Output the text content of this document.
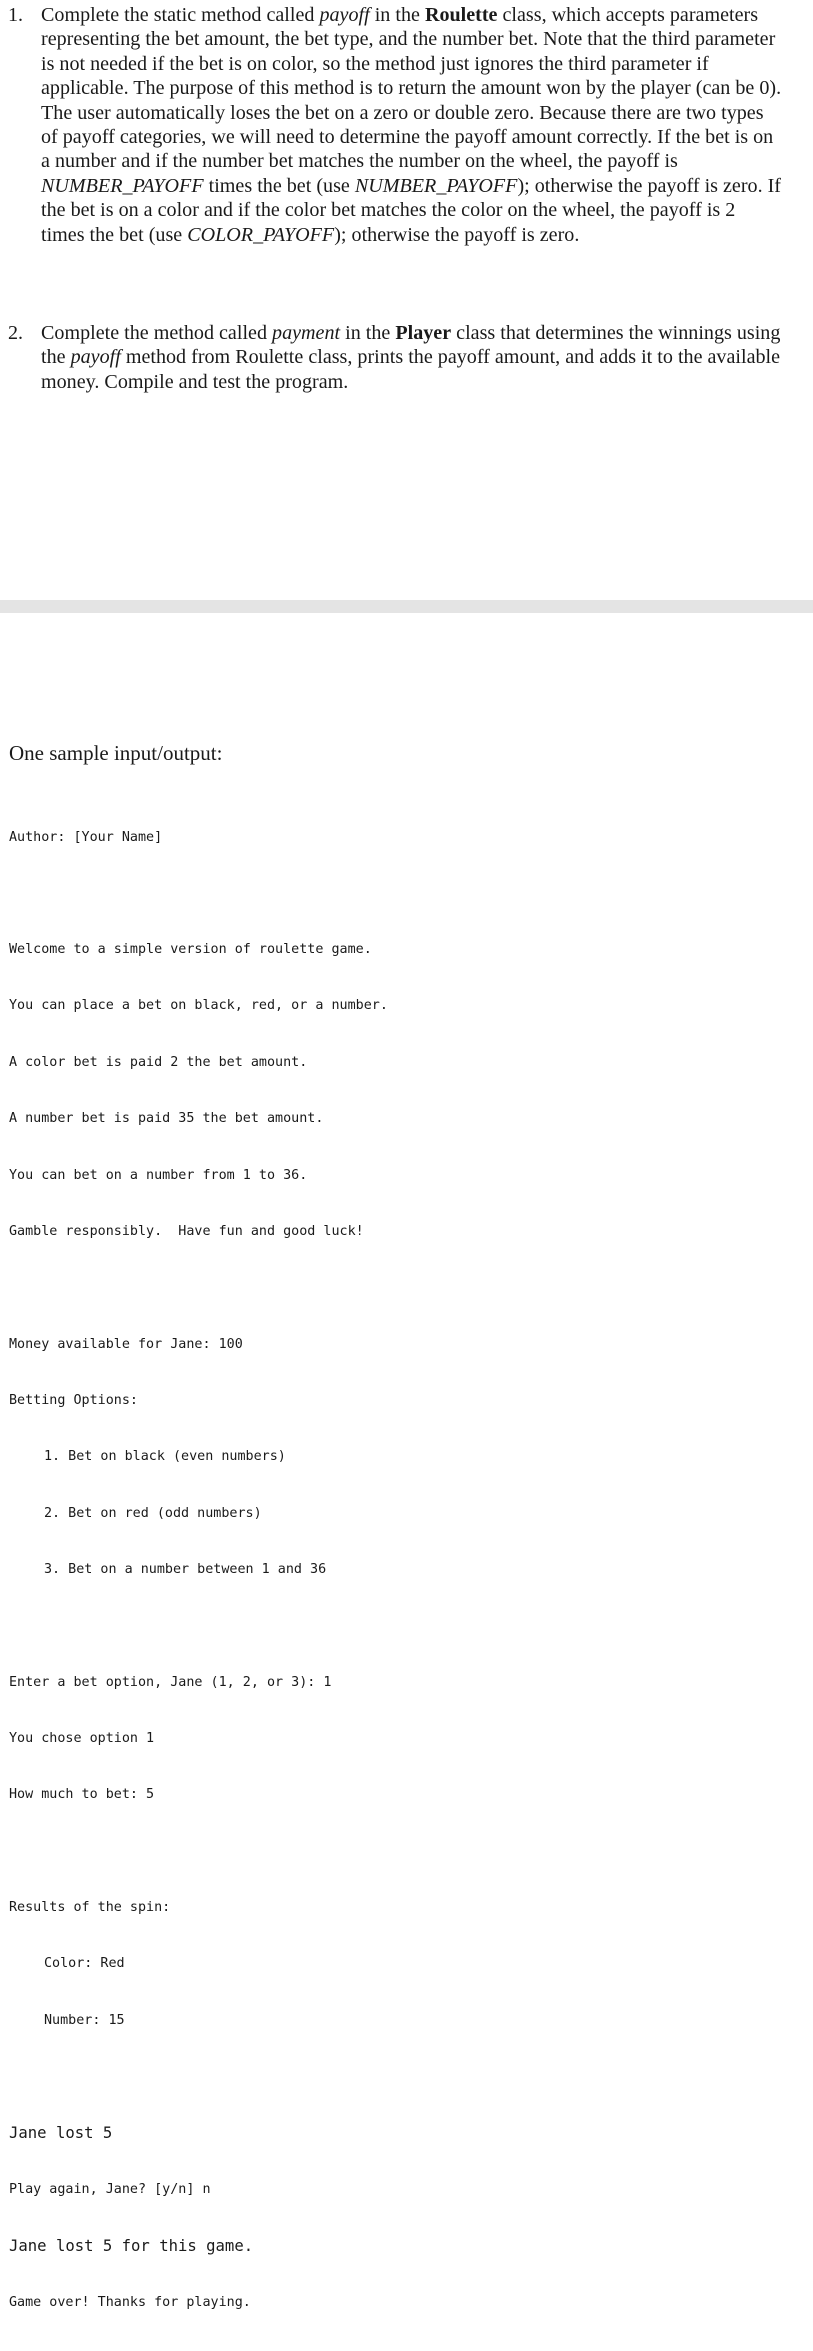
1. Complete the static method called payoff in the Roulette class, which accepts parameters representing the bet amount, the bet type, and the number bet. Note that the third parameter is not needed if the bet is on color, so the method just ignores the third parameter if applicable. The purpose of this method is to return the amount won by the player (can be 0). The user automatically loses the bet on a zero or double zero. Because there are two types of payoff categories, we will need to determine the payoff amount correctly. If the bet is on a number and if the number bet matches the number on the wheel, the payoff is NUMBER_PAYOFF times the bet (use NUMBER_PAYOFF); otherwise the payoff is zero. If the bet is on a color and if the color bet matches the color on the wheel, the payoff is 2 times the bet (use COLOR_PAYOFF); otherwise the payoff is zero.
2. Complete the method called payment in the Player class that determines the winnings using the payoff method from Roulette class, prints the payoff amount, and adds it to the available money. Compile and test the program.
One sample input/output:

Author: [Your Name]

Welcome to a simple version of roulette game.

You can place a bet on black, red, or a number.

A color bet is paid 2 the bet amount.

A number bet is paid 35 the bet amount.

You can bet on a number from 1 to 36.

Gamble responsibly.  Have fun and good luck!

Money available for Jane: 100

Betting Options:

1. Bet on black (even numbers)

2. Bet on red (odd numbers)

3. Bet on a number between 1 and 36

Enter a bet option, Jane (1, 2, or 3): 1

You chose option 1

How much to bet: 5

Results of the spin:

Color: Red

Number: 15

Jane lost 5

Play again, Jane? [y/n] n

Jane lost 5 for this game.

Game over! Thanks for playing.
